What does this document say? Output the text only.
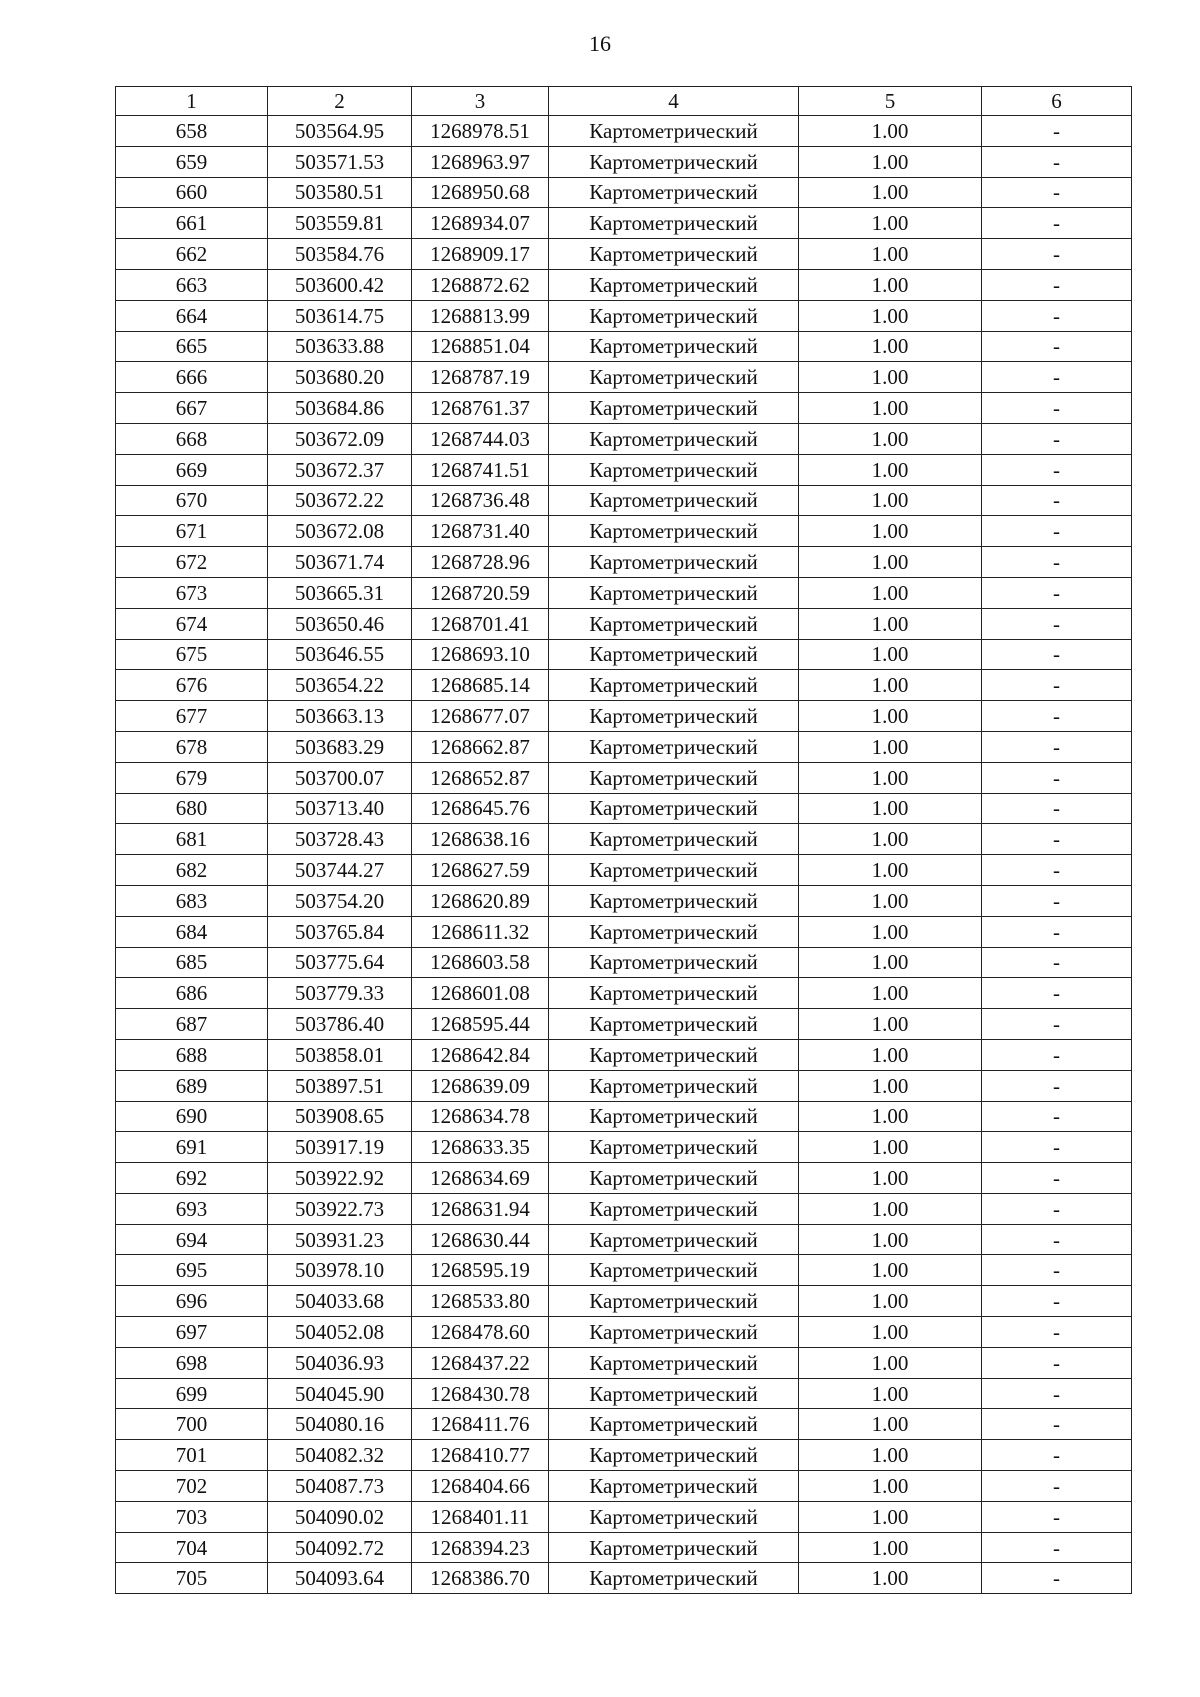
16
1	2	3	4	5	6
658	503564.95	1268978.51	Картометрический	1.00	-
659	503571.53	1268963.97	Картометрический	1.00	-
660	503580.51	1268950.68	Картометрический	1.00	-
661	503559.81	1268934.07	Картометрический	1.00	-
662	503584.76	1268909.17	Картометрический	1.00	-
663	503600.42	1268872.62	Картометрический	1.00	-
664	503614.75	1268813.99	Картометрический	1.00	-
665	503633.88	1268851.04	Картометрический	1.00	-
666	503680.20	1268787.19	Картометрический	1.00	-
667	503684.86	1268761.37	Картометрический	1.00	-
668	503672.09	1268744.03	Картометрический	1.00	-
669	503672.37	1268741.51	Картометрический	1.00	-
670	503672.22	1268736.48	Картометрический	1.00	-
671	503672.08	1268731.40	Картометрический	1.00	-
672	503671.74	1268728.96	Картометрический	1.00	-
673	503665.31	1268720.59	Картометрический	1.00	-
674	503650.46	1268701.41	Картометрический	1.00	-
675	503646.55	1268693.10	Картометрический	1.00	-
676	503654.22	1268685.14	Картометрический	1.00	-
677	503663.13	1268677.07	Картометрический	1.00	-
678	503683.29	1268662.87	Картометрический	1.00	-
679	503700.07	1268652.87	Картометрический	1.00	-
680	503713.40	1268645.76	Картометрический	1.00	-
681	503728.43	1268638.16	Картометрический	1.00	-
682	503744.27	1268627.59	Картометрический	1.00	-
683	503754.20	1268620.89	Картометрический	1.00	-
684	503765.84	1268611.32	Картометрический	1.00	-
685	503775.64	1268603.58	Картометрический	1.00	-
686	503779.33	1268601.08	Картометрический	1.00	-
687	503786.40	1268595.44	Картометрический	1.00	-
688	503858.01	1268642.84	Картометрический	1.00	-
689	503897.51	1268639.09	Картометрический	1.00	-
690	503908.65	1268634.78	Картометрический	1.00	-
691	503917.19	1268633.35	Картометрический	1.00	-
692	503922.92	1268634.69	Картометрический	1.00	-
693	503922.73	1268631.94	Картометрический	1.00	-
694	503931.23	1268630.44	Картометрический	1.00	-
695	503978.10	1268595.19	Картометрический	1.00	-
696	504033.68	1268533.80	Картометрический	1.00	-
697	504052.08	1268478.60	Картометрический	1.00	-
698	504036.93	1268437.22	Картометрический	1.00	-
699	504045.90	1268430.78	Картометрический	1.00	-
700	504080.16	1268411.76	Картометрический	1.00	-
701	504082.32	1268410.77	Картометрический	1.00	-
702	504087.73	1268404.66	Картометрический	1.00	-
703	504090.02	1268401.11	Картометрический	1.00	-
704	504092.72	1268394.23	Картометрический	1.00	-
705	504093.64	1268386.70	Картометрический	1.00	-
